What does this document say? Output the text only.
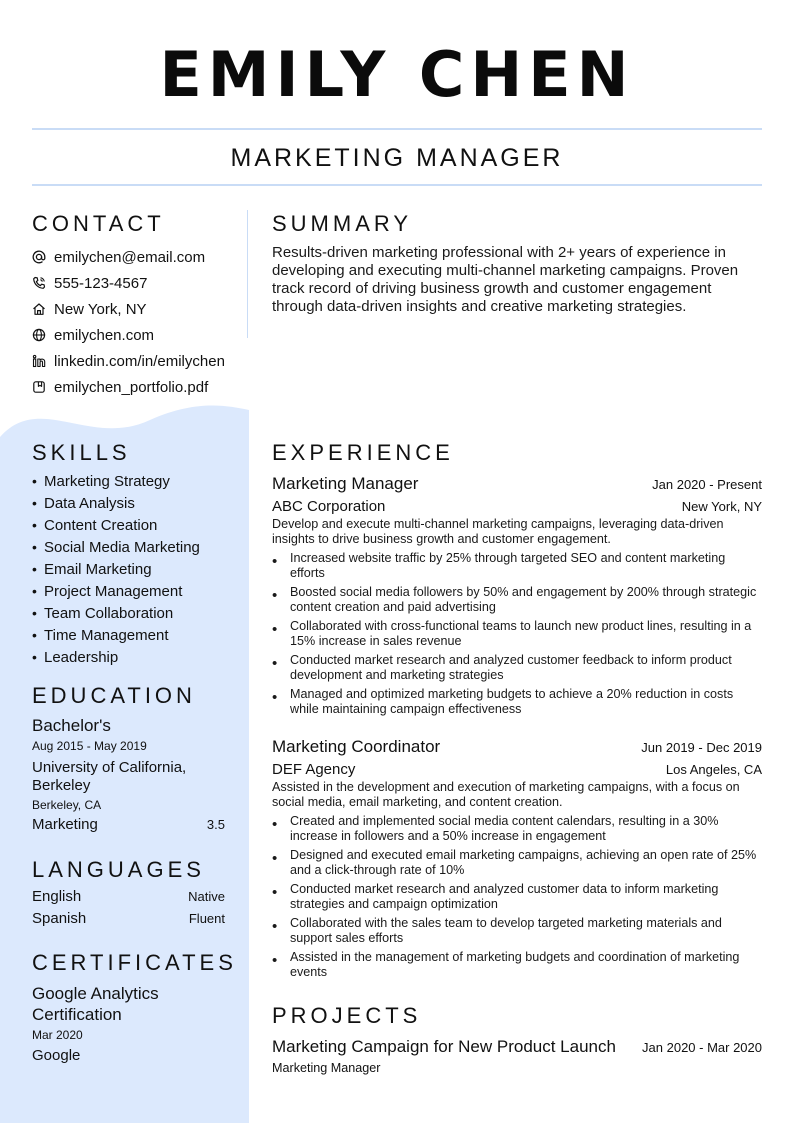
EMILY CHEN
MARKETING MANAGER
CONTACT
emilychen@email.com
555-123-4567
New York, NY
emilychen.com
linkedin.com/in/emilychen
emilychen_portfolio.pdf
SUMMARY
Results-driven marketing professional with 2+ years of experience in developing and executing multi-channel marketing campaigns. Proven track record of driving business growth and customer engagement through data-driven insights and creative marketing strategies.
SKILLS
• Marketing Strategy
• Data Analysis
• Content Creation
• Social Media Marketing
• Email Marketing
• Project Management
• Team Collaboration
• Time Management
• Leadership
EDUCATION
Bachelor's
Aug 2015 - May 2019
University of California, Berkeley
Berkeley, CA
Marketing	3.5
LANGUAGES
English	Native
Spanish	Fluent
CERTIFICATES
Google Analytics Certification
Mar 2020
Google
EXPERIENCE
Marketing Manager	Jan 2020 - Present
ABC Corporation	New York, NY
Develop and execute multi-channel marketing campaigns, leveraging data-driven insights to drive business growth and customer engagement.
•	Increased website traffic by 25% through targeted SEO and content marketing efforts
•	Boosted social media followers by 50% and engagement by 200% through strategic content creation and paid advertising
•	Collaborated with cross-functional teams to launch new product lines, resulting in a 15% increase in sales revenue
•	Conducted market research and analyzed customer feedback to inform product development and marketing strategies
•	Managed and optimized marketing budgets to achieve a 20% reduction in costs while maintaining campaign effectiveness
Marketing Coordinator	Jun 2019 - Dec 2019
DEF Agency	Los Angeles, CA
Assisted in the development and execution of marketing campaigns, with a focus on social media, email marketing, and content creation.
•	Created and implemented social media content calendars, resulting in a 30% increase in followers and a 50% increase in engagement
•	Designed and executed email marketing campaigns, achieving an open rate of 25% and a click-through rate of 10%
•	Conducted market research and analyzed customer data to inform marketing strategies and campaign optimization
•	Collaborated with the sales team to develop targeted marketing materials and support sales efforts
•	Assisted in the management of marketing budgets and coordination of marketing events
PROJECTS
Marketing Campaign for New Product Launch Jan 2020 - Mar 2020
Marketing Manager
